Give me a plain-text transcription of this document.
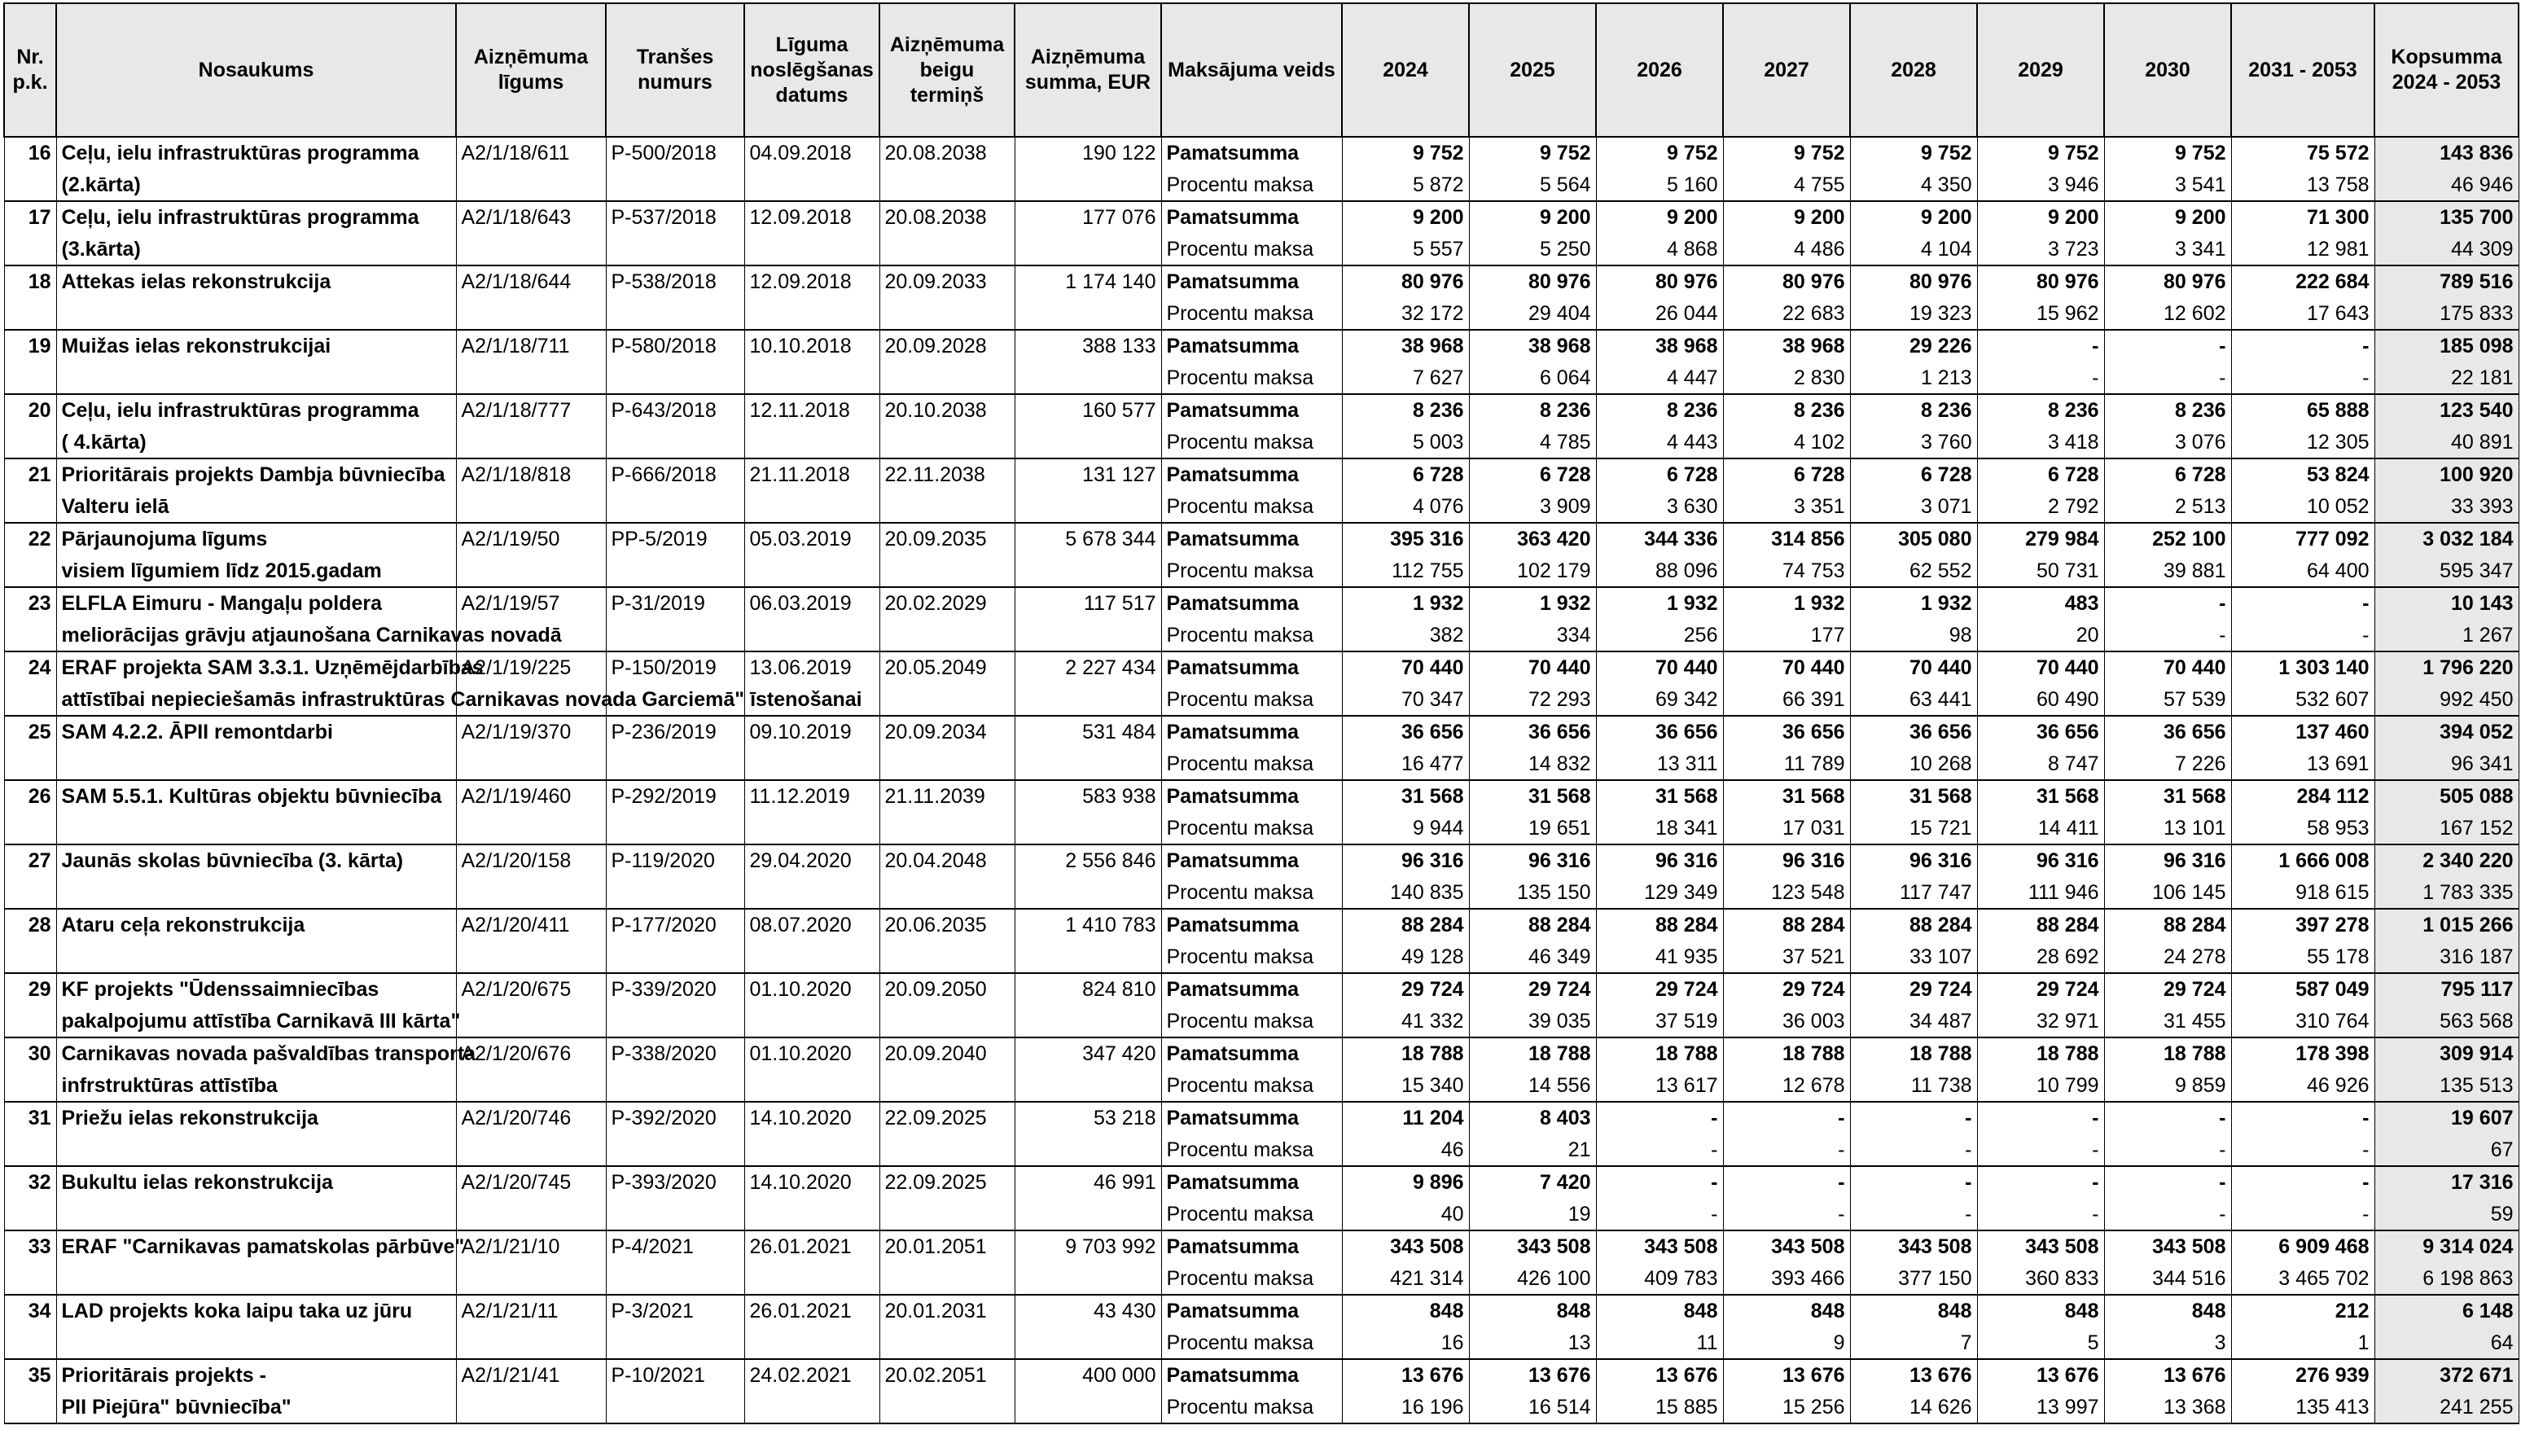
Nr. p.k.	Nosaukums	Aizņēmuma līgums	Tranšes numurs	Līguma noslēgšanas datums	Aizņēmuma beigu termiņš	Aizņēmuma summa, EUR	Maksājuma veids	2024	2025	2026	2027	2028	2029	2030	2031 - 2053	Kopsumma 2024 - 2053
16	Ceļu, ielu infrastruktūras programma	A2/1/18/611	P-500/2018	04.09.2018	20.08.2038	190 122	Pamatsumma	9 752	9 752	9 752	9 752	9 752	9 752	9 752	75 572	143 836
	(2.kārta)						Procentu maksa	5 872	5 564	5 160	4 755	4 350	3 946	3 541	13 758	46 946
17	Ceļu, ielu infrastruktūras programma	A2/1/18/643	P-537/2018	12.09.2018	20.08.2038	177 076	Pamatsumma	9 200	9 200	9 200	9 200	9 200	9 200	9 200	71 300	135 700
	(3.kārta)						Procentu maksa	5 557	5 250	4 868	4 486	4 104	3 723	3 341	12 981	44 309
18	Attekas ielas rekonstrukcija	A2/1/18/644	P-538/2018	12.09.2018	20.09.2033	1 174 140	Pamatsumma	80 976	80 976	80 976	80 976	80 976	80 976	80 976	222 684	789 516
							Procentu maksa	32 172	29 404	26 044	22 683	19 323	15 962	12 602	17 643	175 833
19	Muižas ielas rekonstrukcijai	A2/1/18/711	P-580/2018	10.10.2018	20.09.2028	388 133	Pamatsumma	38 968	38 968	38 968	38 968	29 226	-	-	-	185 098
							Procentu maksa	7 627	6 064	4 447	2 830	1 213	-	-	-	22 181
20	Ceļu, ielu infrastruktūras programma	A2/1/18/777	P-643/2018	12.11.2018	20.10.2038	160 577	Pamatsumma	8 236	8 236	8 236	8 236	8 236	8 236	8 236	65 888	123 540
	( 4.kārta)						Procentu maksa	5 003	4 785	4 443	4 102	3 760	3 418	3 076	12 305	40 891
21	Prioritārais projekts Dambja būvniecība	A2/1/18/818	P-666/2018	21.11.2018	22.11.2038	131 127	Pamatsumma	6 728	6 728	6 728	6 728	6 728	6 728	6 728	53 824	100 920
	Valteru ielā						Procentu maksa	4 076	3 909	3 630	3 351	3 071	2 792	2 513	10 052	33 393
22	Pārjaunojuma līgums	A2/1/19/50	PP-5/2019	05.03.2019	20.09.2035	5 678 344	Pamatsumma	395 316	363 420	344 336	314 856	305 080	279 984	252 100	777 092	3 032 184
	visiem līgumiem līdz 2015.gadam						Procentu maksa	112 755	102 179	88 096	74 753	62 552	50 731	39 881	64 400	595 347
23	ELFLA Eimuru - Mangaļu poldera	A2/1/19/57	P-31/2019	06.03.2019	20.02.2029	117 517	Pamatsumma	1 932	1 932	1 932	1 932	1 932	483	-	-	10 143
	meliorācijas grāvju atjaunošana Carnikavas novadā						Procentu maksa	382	334	256	177	98	20	-	-	1 267
24	ERAF projekta SAM 3.3.1. Uzņēmējdarbības	A2/1/19/225	P-150/2019	13.06.2019	20.05.2049	2 227 434	Pamatsumma	70 440	70 440	70 440	70 440	70 440	70 440	70 440	1 303 140	1 796 220
	attīstībai nepieciešamās infrastruktūras Carnikavas novada Garciemā" īstenošanai						Procentu maksa	70 347	72 293	69 342	66 391	63 441	60 490	57 539	532 607	992 450
25	SAM 4.2.2. ĀPII remontdarbi	A2/1/19/370	P-236/2019	09.10.2019	20.09.2034	531 484	Pamatsumma	36 656	36 656	36 656	36 656	36 656	36 656	36 656	137 460	394 052
							Procentu maksa	16 477	14 832	13 311	11 789	10 268	8 747	7 226	13 691	96 341
26	SAM 5.5.1. Kultūras objektu būvniecība	A2/1/19/460	P-292/2019	11.12.2019	21.11.2039	583 938	Pamatsumma	31 568	31 568	31 568	31 568	31 568	31 568	31 568	284 112	505 088
							Procentu maksa	9 944	19 651	18 341	17 031	15 721	14 411	13 101	58 953	167 152
27	Jaunās skolas būvniecība (3. kārta)	A2/1/20/158	P-119/2020	29.04.2020	20.04.2048	2 556 846	Pamatsumma	96 316	96 316	96 316	96 316	96 316	96 316	96 316	1 666 008	2 340 220
							Procentu maksa	140 835	135 150	129 349	123 548	117 747	111 946	106 145	918 615	1 783 335
28	Ataru ceļa rekonstrukcija	A2/1/20/411	P-177/2020	08.07.2020	20.06.2035	1 410 783	Pamatsumma	88 284	88 284	88 284	88 284	88 284	88 284	88 284	397 278	1 015 266
							Procentu maksa	49 128	46 349	41 935	37 521	33 107	28 692	24 278	55 178	316 187
29	KF projekts "Ūdenssaimniecības	A2/1/20/675	P-339/2020	01.10.2020	20.09.2050	824 810	Pamatsumma	29 724	29 724	29 724	29 724	29 724	29 724	29 724	587 049	795 117
	pakalpojumu attīstība Carnikavā III kārta"						Procentu maksa	41 332	39 035	37 519	36 003	34 487	32 971	31 455	310 764	563 568
30	Carnikavas novada pašvaldības transporta	A2/1/20/676	P-338/2020	01.10.2020	20.09.2040	347 420	Pamatsumma	18 788	18 788	18 788	18 788	18 788	18 788	18 788	178 398	309 914
	infrstruktūras attīstība						Procentu maksa	15 340	14 556	13 617	12 678	11 738	10 799	9 859	46 926	135 513
31	Priežu ielas rekonstrukcija	A2/1/20/746	P-392/2020	14.10.2020	22.09.2025	53 218	Pamatsumma	11 204	8 403	-	-	-	-	-	-	19 607
							Procentu maksa	46	21	-	-	-	-	-	-	67
32	Bukultu ielas rekonstrukcija	A2/1/20/745	P-393/2020	14.10.2020	22.09.2025	46 991	Pamatsumma	9 896	7 420	-	-	-	-	-	-	17 316
							Procentu maksa	40	19	-	-	-	-	-	-	59
33	ERAF "Carnikavas pamatskolas pārbūve"	A2/1/21/10	P-4/2021	26.01.2021	20.01.2051	9 703 992	Pamatsumma	343 508	343 508	343 508	343 508	343 508	343 508	343 508	6 909 468	9 314 024
							Procentu maksa	421 314	426 100	409 783	393 466	377 150	360 833	344 516	3 465 702	6 198 863
34	LAD projekts koka laipu taka uz jūru	A2/1/21/11	P-3/2021	26.01.2021	20.01.2031	43 430	Pamatsumma	848	848	848	848	848	848	848	212	6 148
							Procentu maksa	16	13	11	9	7	5	3	1	64
35	Prioritārais projekts -	A2/1/21/41	P-10/2021	24.02.2021	20.02.2051	400 000	Pamatsumma	13 676	13 676	13 676	13 676	13 676	13 676	13 676	276 939	372 671
	PII Piejūra" būvniecība"						Procentu maksa	16 196	16 514	15 885	15 256	14 626	13 997	13 368	135 413	241 255
